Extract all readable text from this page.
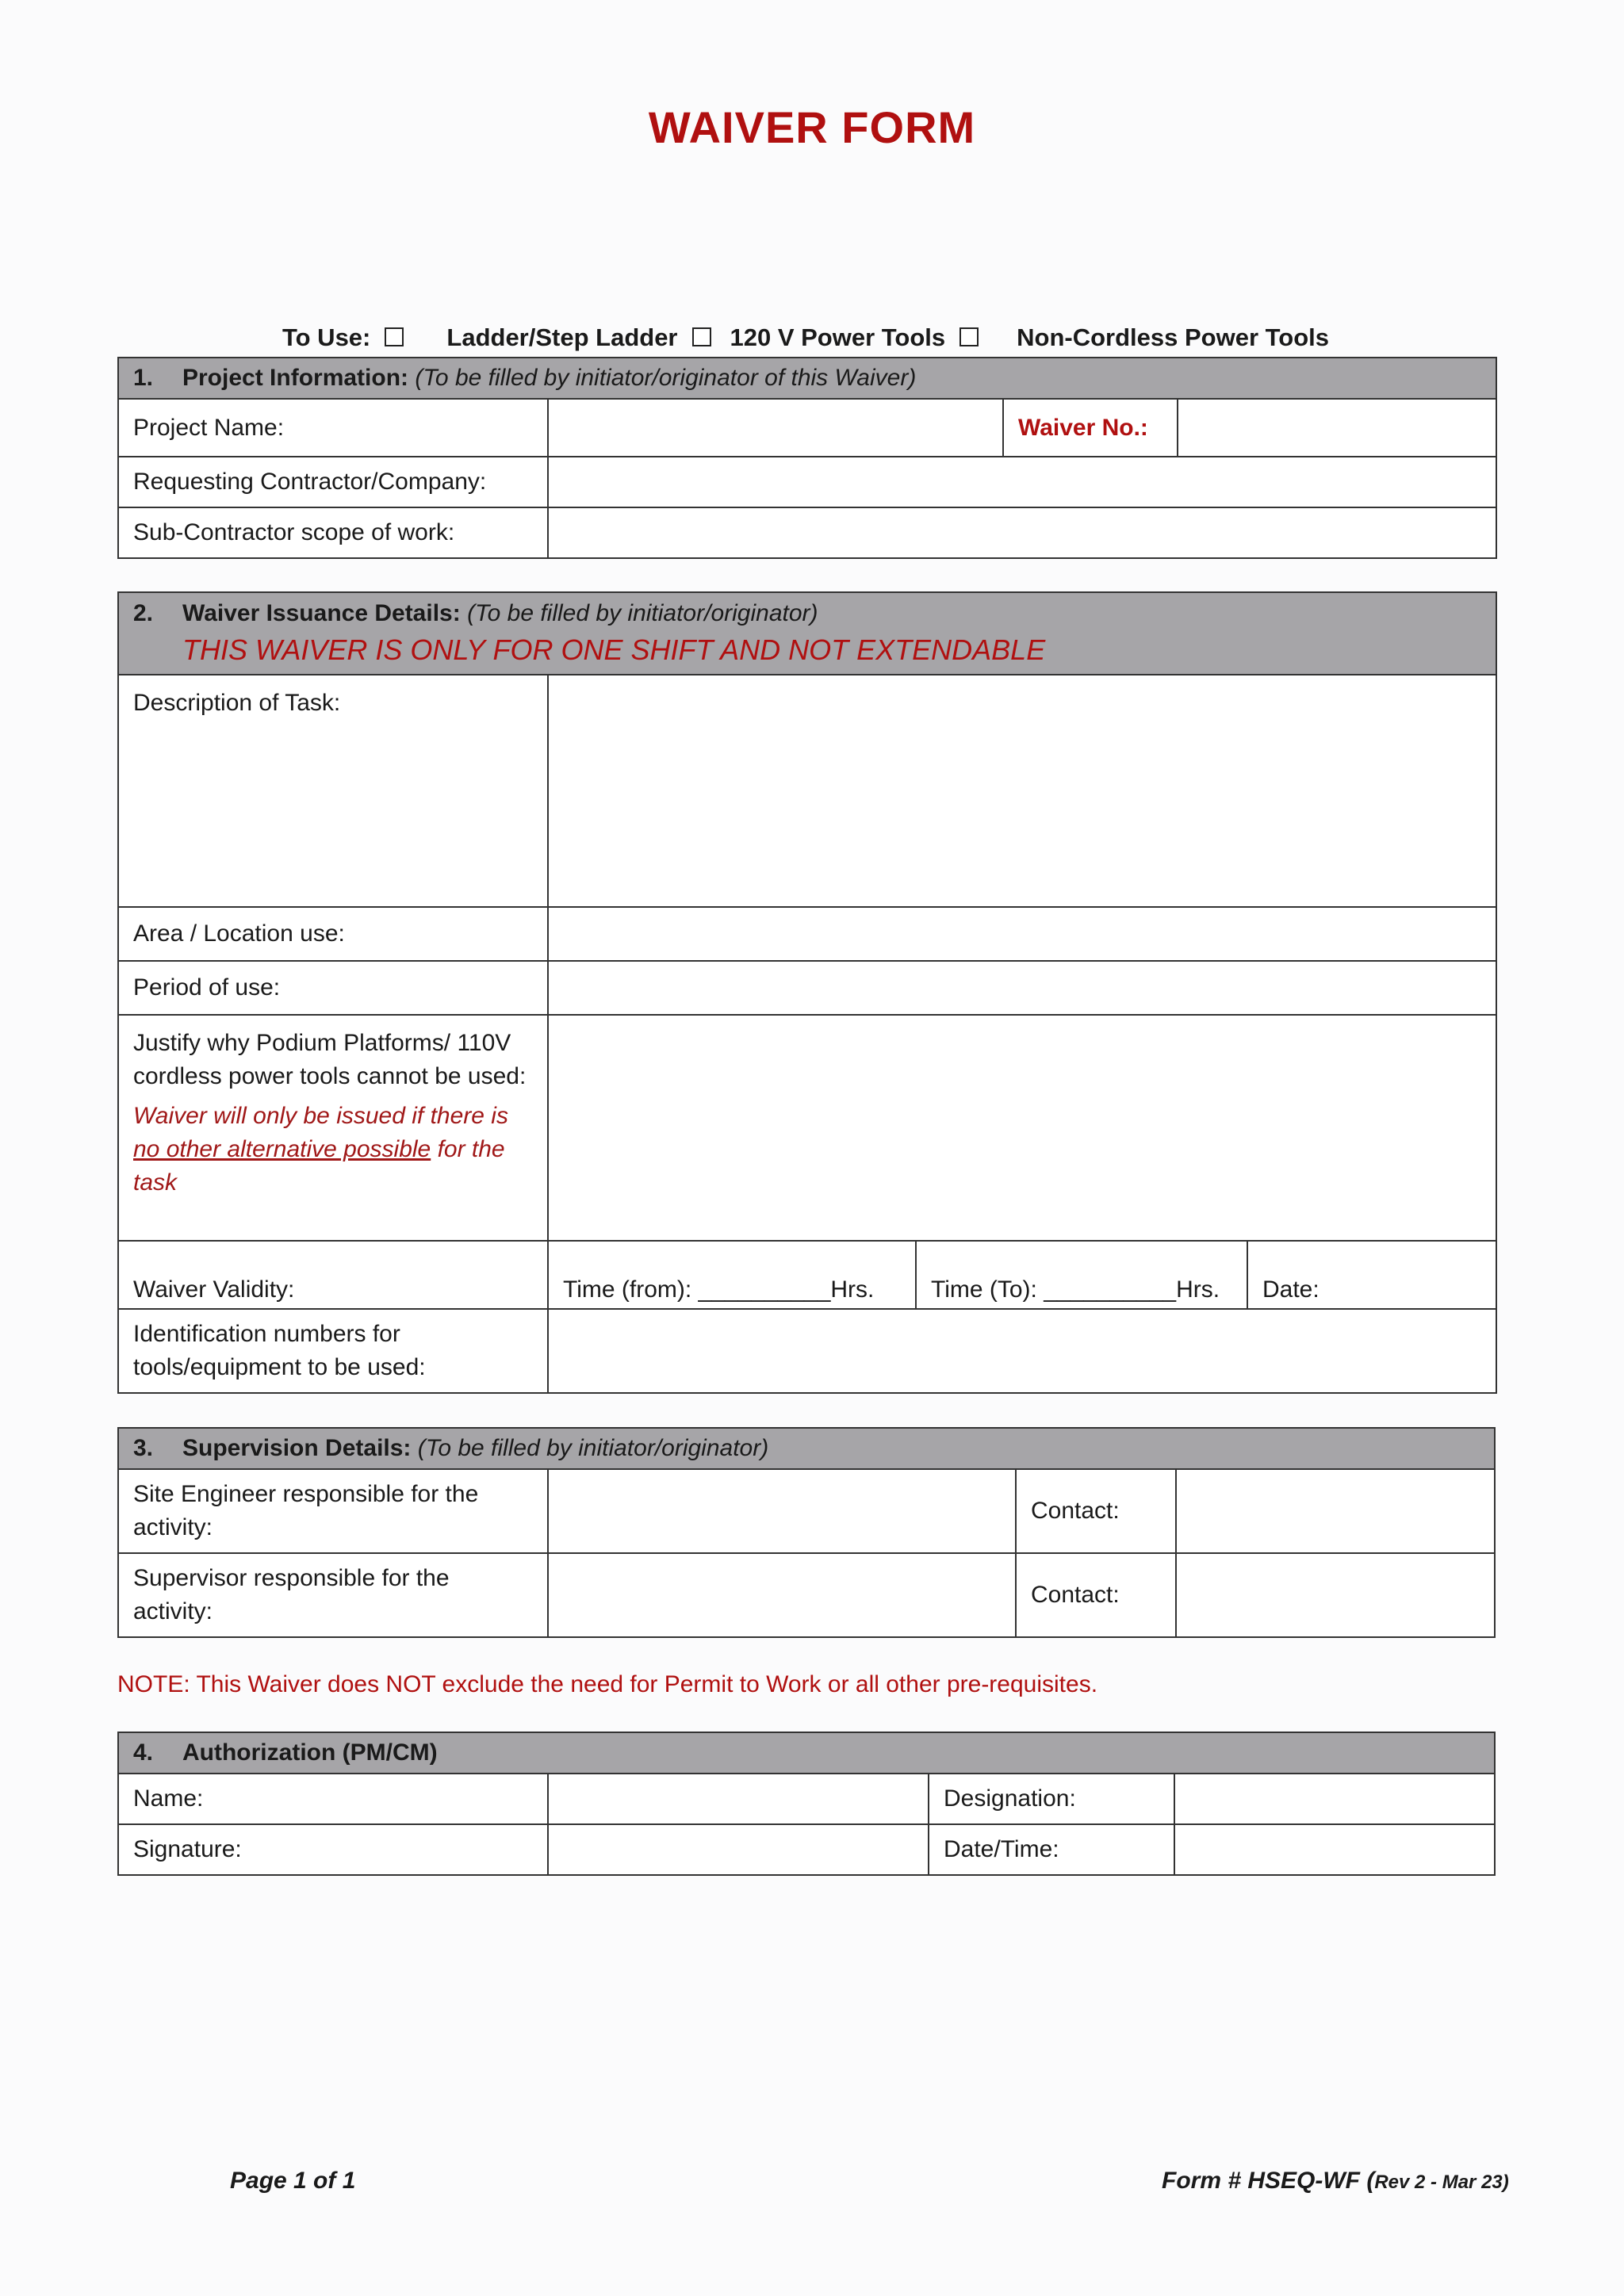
WAIVER FORM
To Use:	Ladder/Step Ladder 120 V Power Tools	Non-Cordless Power Tools
1. Project Information: (To be filled by initiator/originator of this Waiver)			
Project Name:		Waiver No.:	
Requesting Contractor/Company:			
Sub-Contractor scope of work:			
2. Waiver Issuance Details: (To be filled by initiator/originator)
THIS WAIVER IS ONLY FOR ONE SHIFT AND NOT EXTENDABLE			

Description of Task:			
Area / Location use:			
Period of use:			

Justify why Podium Platforms/ 110V cordless power tools cannot be used:
Waiver will only be issued if there is no other alternative possible for the task			

Waiver Validity:	Time (from): __________Hrs.	Time (To): __________Hrs.	Date:
Identification numbers for tools/equipment to be used:			
3. Supervision Details: (To be filled by initiator/originator)			
Site Engineer responsible for the activity:		Contact:	
Supervisor responsible for the activity:		Contact:	
NOTE: This Waiver does NOT exclude the need for Permit to Work or all other pre-requisites.
4. Authorization (PM/CM)			
Name:		Designation:	
Signature:		Date/Time:	
Page 1 of 1	Form # HSEQ-WF (Rev 2 - Mar 23)
